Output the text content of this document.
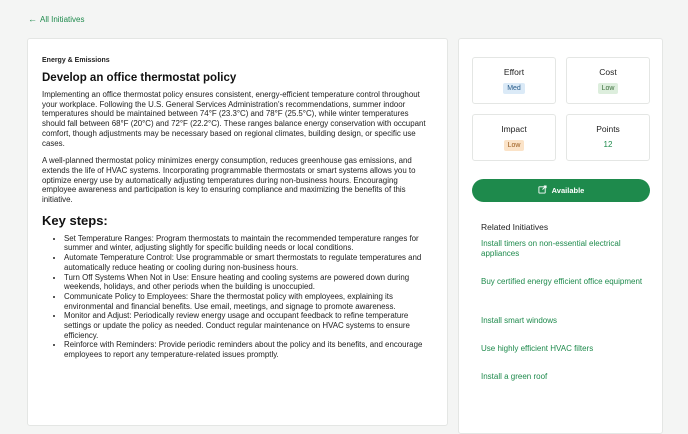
← All Initiatives
Energy & Emissions
Develop an office thermostat policy

Implementing an office thermostat policy ensures consistent, energy-efficient temperature control throughout your workplace. Following the U.S. General Services Administration's recommendations, summer indoor temperatures should be maintained between 74°F (23.3°C) and 78°F (25.5°C), while winter temperatures should fall between 68°F (20°C) and 72°F (22.2°C). These ranges balance energy conservation with occupant comfort, though adjustments may be necessary based on regional climates, building design, or specific use cases.

A well-planned thermostat policy minimizes energy consumption, reduces greenhouse gas emissions, and extends the life of HVAC systems. Incorporating programmable thermostats or smart systems allows you to optimize energy use by automatically adjusting temperatures during non-business hours. Encouraging employee awareness and participation is key to ensuring compliance and maximizing the benefits of this initiative.

Key steps:
• Set Temperature Ranges: Program thermostats to maintain the recommended temperature ranges for summer and winter, adjusting slightly for specific building needs or local conditions.
• Automate Temperature Control: Use programmable or smart thermostats to regulate temperatures and automatically reduce heating or cooling during non-business hours.
• Turn Off Systems When Not in Use: Ensure heating and cooling systems are powered down during weekends, holidays, and other periods when the building is unoccupied.
• Communicate Policy to Employees: Share the thermostat policy with employees, explaining its environmental and financial benefits. Use email, meetings, and signage to promote awareness.
• Monitor and Adjust: Periodically review energy usage and occupant feedback to refine temperature settings or update the policy as needed. Conduct regular maintenance on HVAC systems to ensure efficiency.
• Reinforce with Reminders: Provide periodic reminders about the policy and its benefits, and encourage employees to report any temperature-related issues promptly.
Effort
Med
Cost
Low
Impact
Low
Points
12
Available
Related Initiatives
Install timers on non-essential electrical appliances
Buy certified energy efficient office equipment
Install smart windows
Use highly efficient HVAC filters
Install a green roof
